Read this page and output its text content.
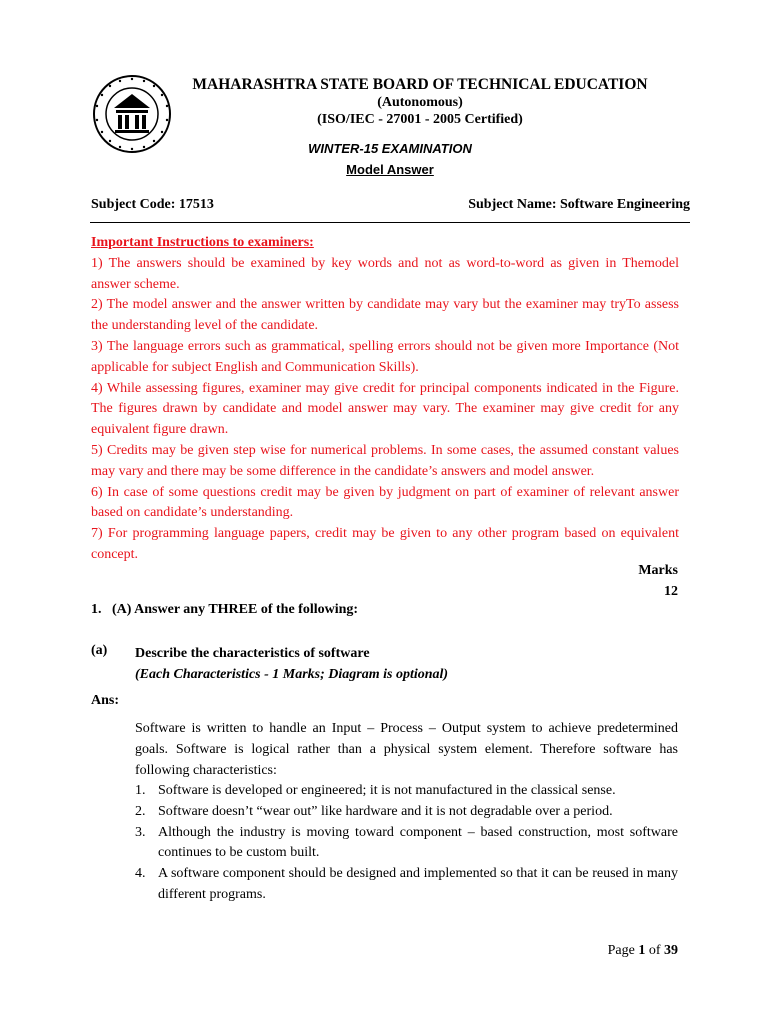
MAHARASHTRA STATE BOARD OF TECHNICAL EDUCATION
(Autonomous)
(ISO/IEC - 27001 - 2005 Certified)
WINTER-15 EXAMINATION
Model Answer
Subject Code: 17513	Subject Name: Software Engineering
Important Instructions to examiners:

1) The answers should be examined by key words and not as word-to-word as given in Themodel answer scheme.

2) The model answer and the answer written by candidate may vary but the examiner may tryTo assess the understanding level of the candidate.

3) The language errors such as grammatical, spelling errors should not be given more Importance (Not applicable for subject English and Communication Skills).

4) While assessing figures, examiner may give credit for principal components indicated in the Figure. The figures drawn by candidate and model answer may vary. The examiner may give credit for any equivalent figure drawn.

5) Credits may be given step wise for numerical problems. In some cases, the assumed constant values may vary and there may be some difference in the candidate’s answers and model answer.

6) In case of some questions credit may be given by judgment on part of examiner of relevant answer based on candidate’s understanding.

7) For programming language papers, credit may be given to any other program based on equivalent concept.

Marks
12
1.   (A) Answer any THREE of the following:
(a) Describe the characteristics of software
(Each Characteristics - 1 Marks; Diagram is optional)
Ans:
Software is written to handle an Input – Process – Output system to achieve predetermined goals. Software is logical rather than a physical system element. Therefore software has following characteristics:
1. Software is developed or engineered; it is not manufactured in the classical sense.
2. Software doesn’t “wear out” like hardware and it is not degradable over a period.
3. Although the industry is moving toward component – based construction, most software continues to be custom built.
4. A software component should be designed and implemented so that it can be reused in many different programs.
Page 1 of 39
